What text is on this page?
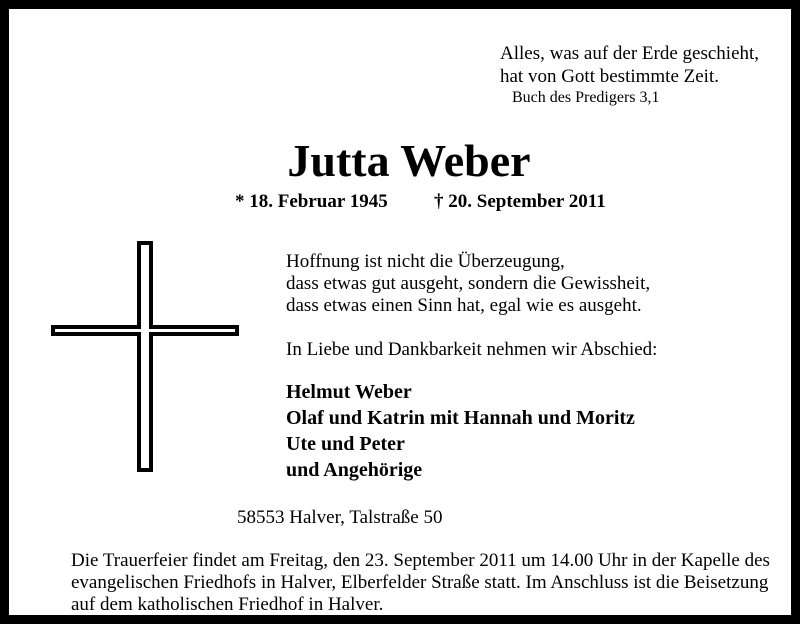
Alles, was auf der Erde geschieht,
hat von Gott bestimmte Zeit.
Buch des Predigers 3,1
Jutta Weber
* 18. Februar 1945 † 20. September 2011
Hoffnung ist nicht die Überzeugung,
dass etwas gut ausgeht, sondern die Gewissheit,
dass etwas einen Sinn hat, egal wie es ausgeht.
In Liebe und Dankbarkeit nehmen wir Abschied:
Helmut Weber
Olaf und Katrin mit Hannah und Moritz
Ute und Peter
und Angehörige
58553 Halver, Talstraße 50
Die Trauerfeier findet am Freitag, den 23. September 2011 um 14.00 Uhr in der Kapelle des
evangelischen Friedhofs in Halver, Elberfelder Straße statt. Im Anschluss ist die Beisetzung
auf dem katholischen Friedhof in Halver.
